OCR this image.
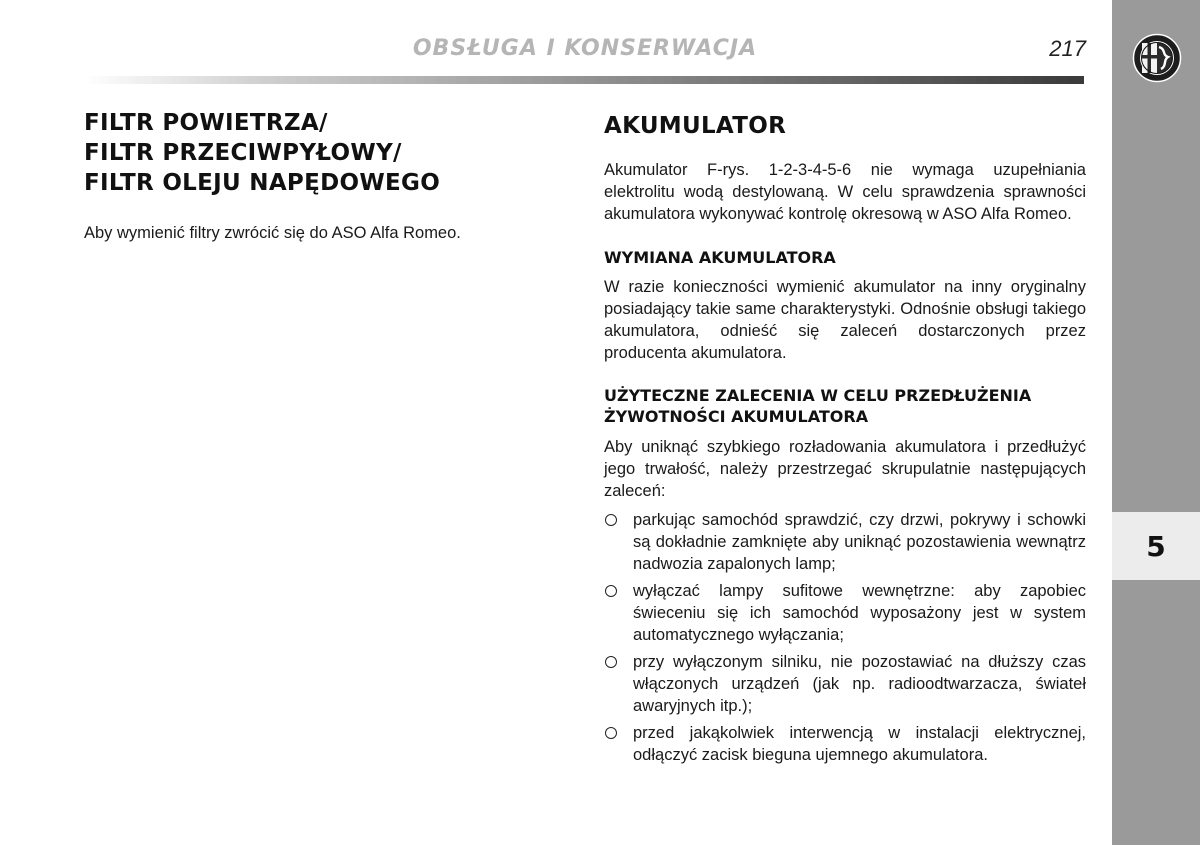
OBSŁUGA I KONSERWACJA	217
5
FILTR POWIETRZA/
FILTR PRZECIWPYŁOWY/
FILTR OLEJU NAPĘDOWEGO

Aby wymienić filtry zwrócić się do ASO Alfa Romeo.

AKUMULATOR

Akumulator F-rys. 1-2-3-4-5-6 nie wymaga uzupełniania elektrolitu wodą destylowaną. W celu sprawdzenia sprawności akumulatora wykonywać kontrolę okresową w ASO Alfa Romeo.

WYMIANA AKUMULATORA

W razie konieczności wymienić akumulator na inny oryginalny posiadający takie same charakterystyki. Odnośnie obsługi takiego akumulatora, odnieść się zaleceń dostarczonych przez producenta akumulatora.

UŻYTECZNE ZALECENIA W CELU PRZEDŁUŻENIA
ŻYWOTNOŚCI AKUMULATORA

Aby uniknąć szybkiego rozładowania akumulatora i przedłużyć jego trwałość, należy przestrzegać skrupulatnie następujących zaleceń:

parkując samochód sprawdzić, czy drzwi, pokrywy i schowki są dokładnie zamknięte aby uniknąć pozostawienia wewnątrz nadwozia zapalonych lamp;

wyłączać lampy sufitowe wewnętrzne: aby zapobiec świeceniu się ich samochód wyposażony jest w system automatycznego wyłączania;

przy wyłączonym silniku, nie pozostawiać na dłuższy czas włączonych urządzeń (jak np. radioodtwarzacza, świateł awaryjnych itp.);

przed jakąkolwiek interwencją w instalacji elektrycznej, odłączyć zacisk bieguna ujemnego akumulatora.
